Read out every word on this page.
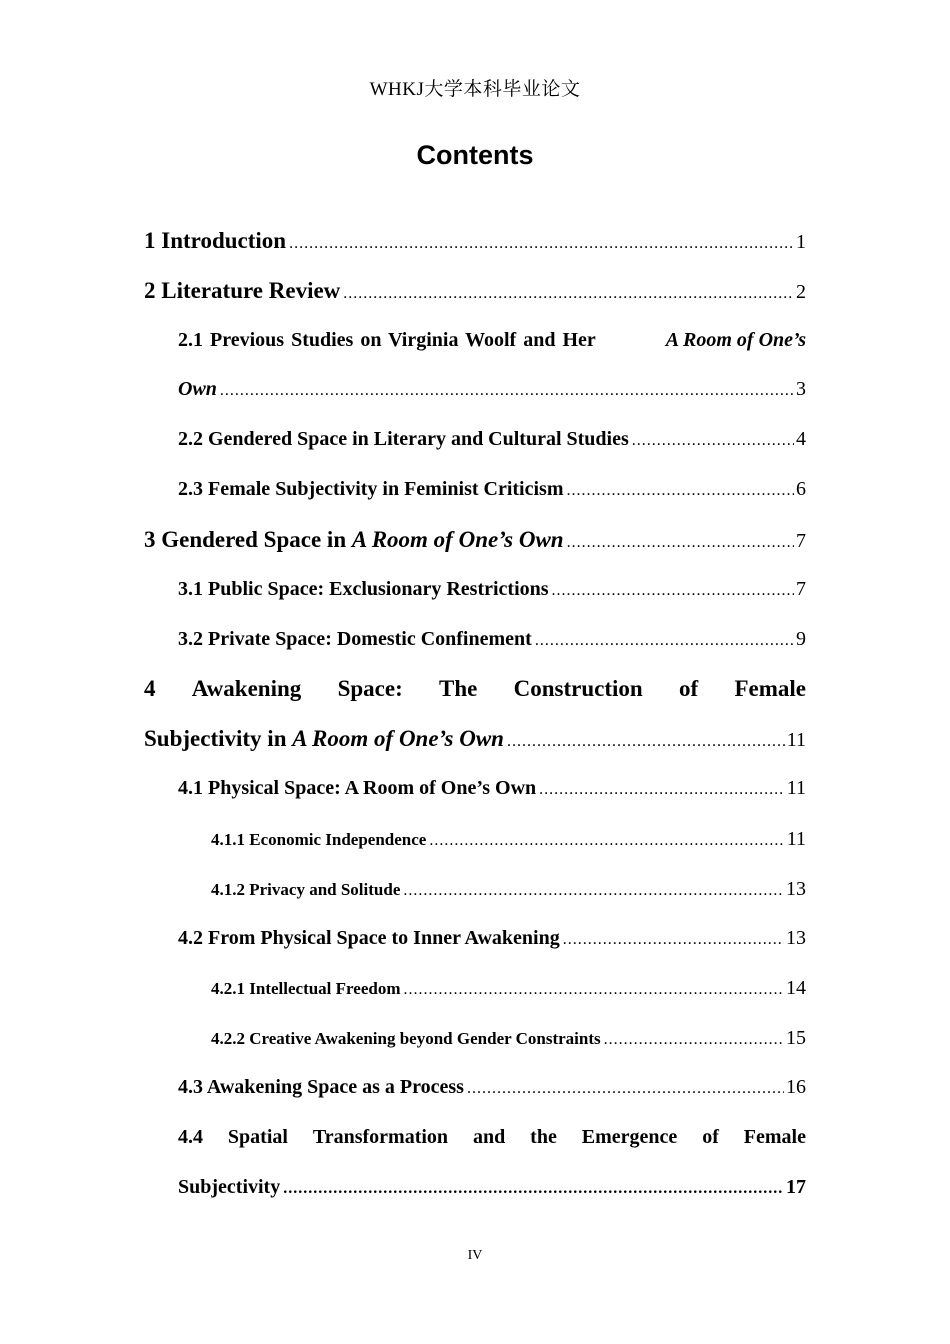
WHKJ大学本科毕业论文
Contents
1 Introduction .....	1
2 Literature Review .....	2
2.1 Previous Studies on Virginia Woolf and Her	A Room of One’s
Own .....	3
2.2 Gendered Space in Literary and Cultural Studies .....	4
2.3 Female Subjectivity in Feminist Criticism .....	6
3 Gendered Space in
A Room of One’s Own .....	7
3.1 Public Space: Exclusionary Restrictions .....	7
3.2 Private Space: Domestic Confinement .....	9
4 Awakening Space: The Construction of Female
Subjectivity in
A Room of One’s Own .....	11
4.1 Physical Space: A Room of One’s Own .....	11
4.1.1 Economic Independence .....	11
4.1.2 Privacy and Solitude .....	13
4.2 From Physical Space to Inner Awakening .....	13
4.2.1 Intellectual Freedom .....	14
4.2.2 Creative Awakening beyond Gender Constraints .....	15
4.3 Awakening Space as a Process .....	16
4.4 Spatial Transformation and the Emergence of Female
Subjectivity .....	17
IV
